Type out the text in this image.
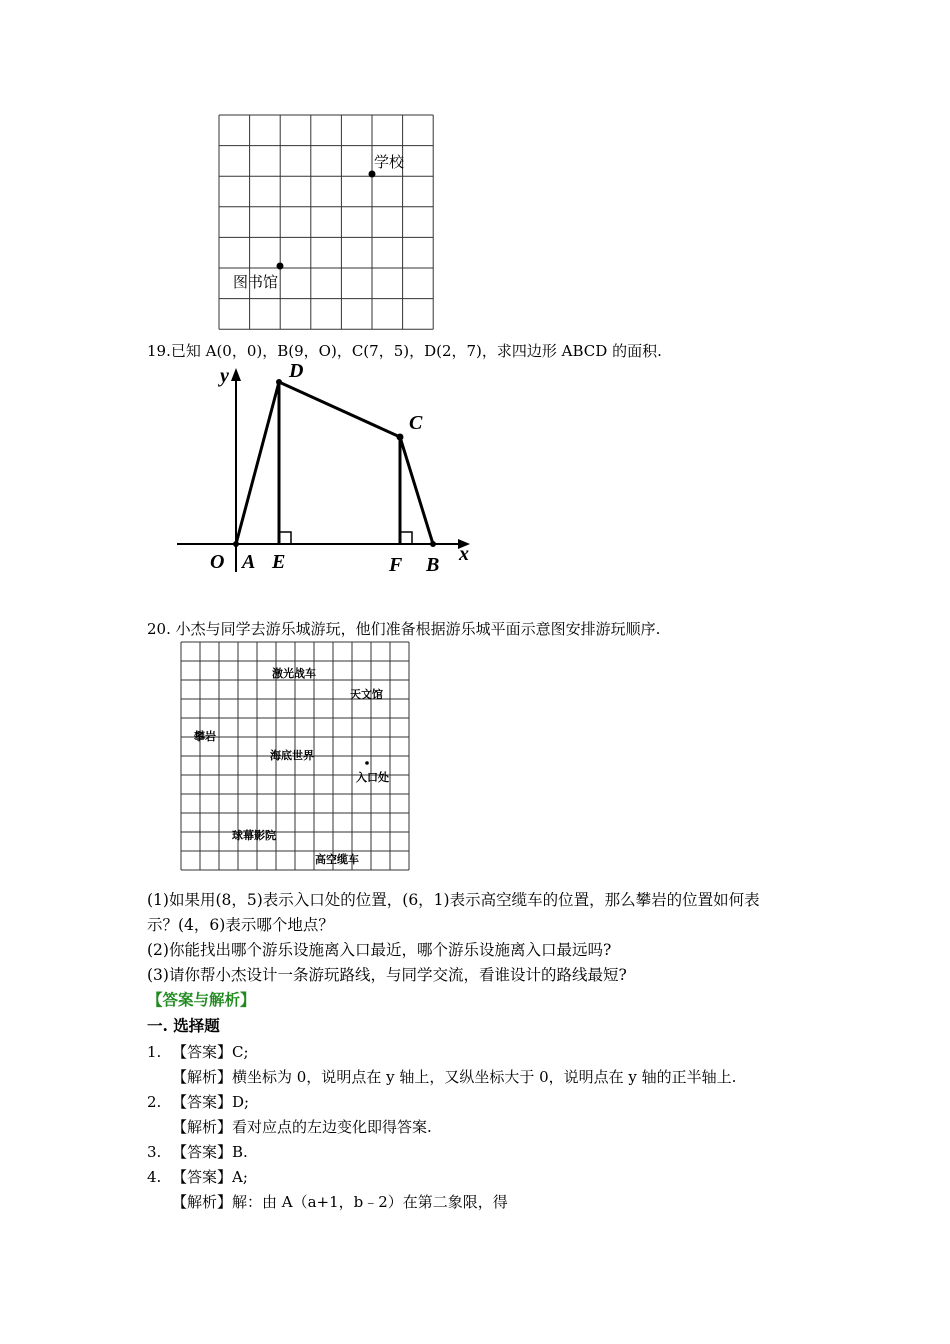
学校
图书馆
19.已知 A(0，0)，B(9，O)，C(7，5)，D(2，7)，求四边形 ABCD 的面积.
y	D
C
O A E	F B x
20. 小杰与同学去游乐城游玩，他们准备根据游乐城平面示意图安排游玩顺序.
激光战车
天文馆
攀岩
海底世界
入口处
球幕影院
高空缆车
(1)如果用(8，5)表示入口处的位置，(6，1)表示高空缆车的位置，那么攀岩的位置如何表
示？(4，6)表示哪个地点？
(2)你能找出哪个游乐设施离入口最近，哪个游乐设施离入口最远吗?
(3)请你帮小杰设计一条游玩路线，与同学交流，看谁设计的路线最短?
【答案与解析】
一. 选择题
1. 【答案】C;
【解析】横坐标为 0，说明点在 y 轴上，又纵坐标大于 0，说明点在 y 轴的正半轴上.
2. 【答案】D;
【解析】看对应点的左边变化即得答案.
3. 【答案】B.
4. 【答案】A;
【解析】解：由 A（a+1，b﹣2）在第二象限，得
